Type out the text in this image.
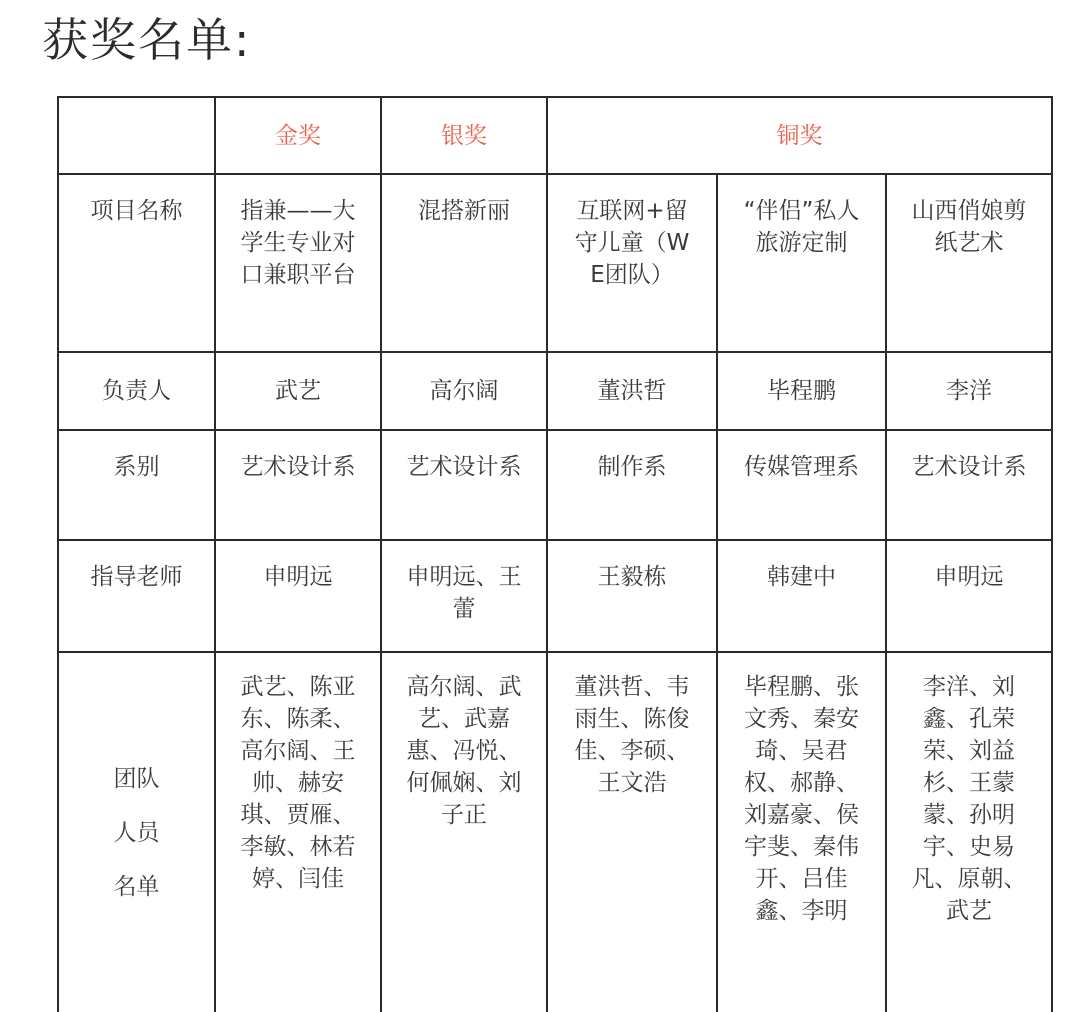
获奖名单:
	金奖	银奖	铜奖		
项目名称	指兼——大学生专业对口兼职平台	混搭新丽	互联网+留守儿童（WE团队）	“伴侣”私人旅游定制	山西俏娘剪纸艺术
负责人	武艺	高尔阔	董洪哲	毕程鹏	李洋
系别	艺术设计系	艺术设计系	制作系	传媒管理系	艺术设计系
指导老师	申明远	申明远、王蕾	王毅栋	韩建中	申明远

团队
人员
名单	武艺、陈亚东、陈柔、高尔阔、王帅、赫安琪、贾雁、李敏、林若婷、闫佳	高尔阔、武艺、武嘉惠、冯悦、何佩娴、刘子正	董洪哲、韦雨生、陈俊佳、李硕、王文浩	毕程鹏、张文秀、秦安琦、吴君权、郝静、刘嘉豪、侯宇斐、秦伟开、吕佳鑫、李明	李洋、刘鑫、孔荣荣、刘益杉、王蒙蒙、孙明宇、史易凡、原朝、武艺
